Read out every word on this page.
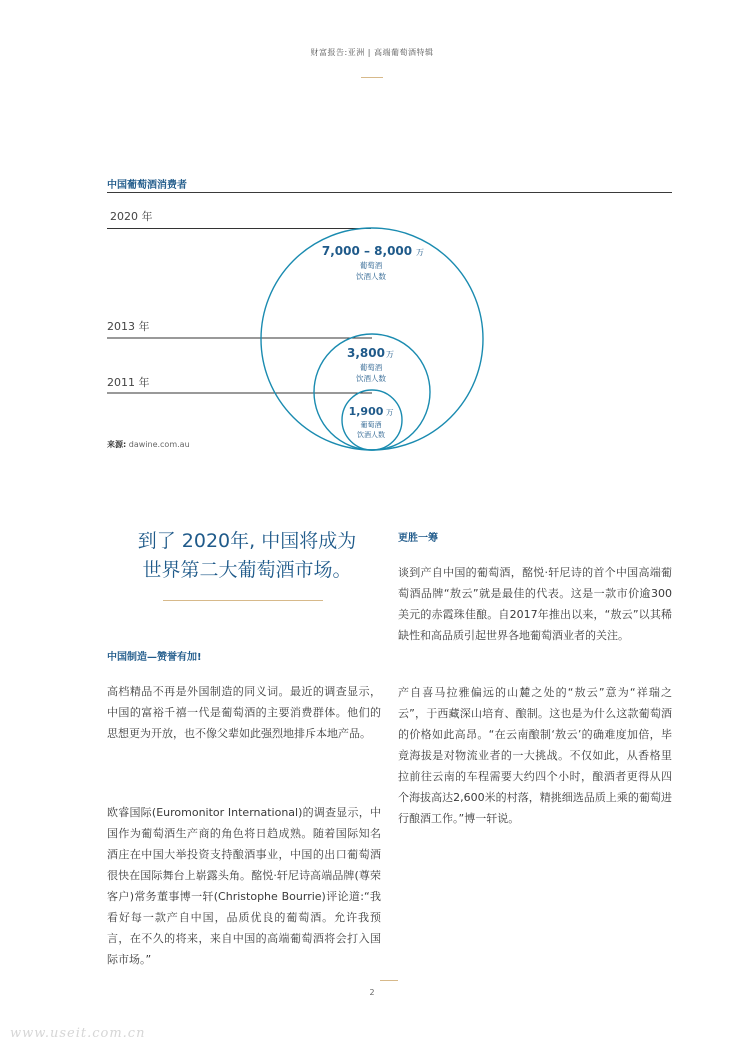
财富报告:亚洲 | 高端葡萄酒特辑
中国葡萄酒消费者
2020 年
2013 年
2011 年
7,000 – 8,000 万
葡萄酒
饮酒人数
3,800 万
葡萄酒
饮酒人数
1,900 万
葡萄酒
饮酒人数
来源: dawine.com.au
到了 2020年, 中国将成为
世界第二大葡萄酒市场。
中国制造—赞誉有加!
高档精品不再是外国制造的同义词。最近的调查显示，中国的富裕千禧一代是葡萄酒的主要消费群体。他们的思想更为开放，也不像父辈如此强烈地排斥本地产品。
欧睿国际(Euromonitor International)的调查显示，中国作为葡萄酒生产商的角色将日趋成熟。随着国际知名酒庄在中国大举投资支持酿酒事业，中国的出口葡萄酒很快在国际舞台上崭露头角。酩悦·轩尼诗高端品牌(尊荣客户)常务董事博一轩(Christophe Bourrie)评论道:“我看好每一款产自中国，品质优良的葡萄酒。允许我预言，在不久的将来，来自中国的高端葡萄酒将会打入国际市场。”
更胜一筹
谈到产自中国的葡萄酒，酩悦·轩尼诗的首个中国高端葡萄酒品牌“敖云”就是最佳的代表。这是一款市价逾300美元的赤霞珠佳酿。自2017年推出以来，“敖云”以其稀缺性和高品质引起世界各地葡萄酒业者的关注。
产自喜马拉雅偏远的山麓之处的“敖云”意为“祥瑞之云”，于西藏深山培育、酿制。这也是为什么这款葡萄酒的价格如此高昂。“在云南酿制‘敖云’的确难度加倍，毕竟海拔是对物流业者的一大挑战。不仅如此，从香格里拉前往云南的车程需要大约四个小时，酿酒者更得从四个海拔高达2,600米的村落，精挑细选品质上乘的葡萄进行酿酒工作。”博一轩说。
2
www.useit.com.cn
